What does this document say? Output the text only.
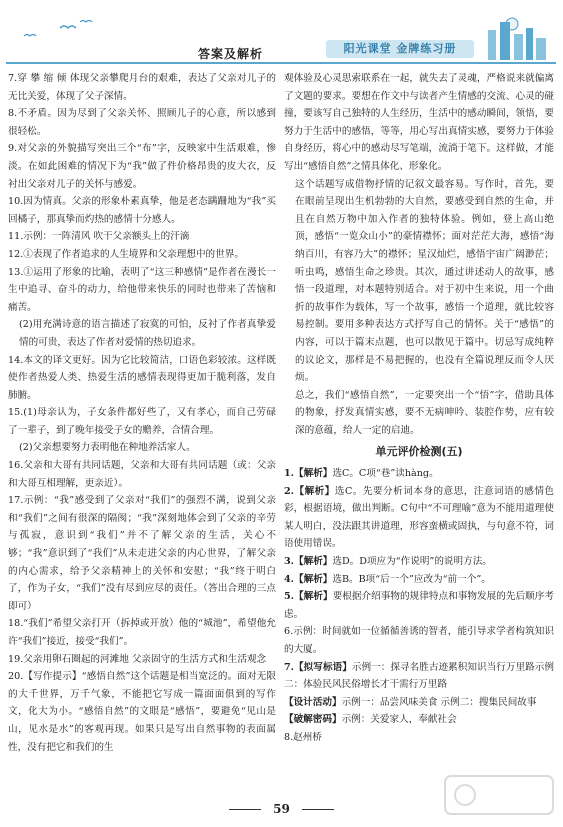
答案及解析	阳光课堂 金牌练习册

7.穿 攀 缩 倾 体现父亲攀爬月台的艰难，表达了父亲对儿子的无比关爱，体现了父子深情。

8.不矛盾。因为尽到了父亲关怀、照顾儿子的心意，所以感到很轻松。

9.对父亲的外貌描写突出三个“布”字，反映家中生活艰难，惨淡。在如此困难的情况下为“我”做了件价格昂贵的皮大衣，反衬出父亲对儿子的关怀与感爱。

10.因为情真。父亲的形象朴素真挚，他是老态蹒跚地为“我”买回橘子，那真挚而灼热的感情十分感人。

11.示例：一阵清风 吹干父亲额头上的汗滴

12.①表现了作者追求的人生境界和父亲理想中的世界。

13.①运用了形象的比喻，表明了“这三种感情”是作者在漫长一生中追寻、奋斗的动力，给他带来快乐的同时也带来了苦恼和痛苦。

(2)用充满诗意的语言描述了寂寞的可怕，反衬了作者真挚爱情的可贵，表达了作者对爱情的热切追求。

14.本文的译文更好。因为它比较简洁，口语色彩较浓。这样既使作者热爱人类、热爱生活的感情表现得更加于脆利落，发自肺腑。

15.(1)母亲认为，子女条件都好些了，又有孝心，而自己劳碌了一辈子，到了晚年接受子女的赡养，合情合理。

(2)父亲想要努力表明他在种地养活家人。

16.父亲和大哥有共同话题，父亲和大哥有共同话题（或：父亲和大哥互相理解，更亲近）。

17.示例：“我”感受到了父亲对“我们”的强烈不满，说到父亲和“我们”之间有很深的隔阂；“我”深刻地体会到了父亲的辛劳与孤寂，意识到“我们”并不了解父亲的生活，关心不够；“我”意识到了“我们”从未走进父亲的内心世界，了解父亲的内心需求，给予父亲精神上的关怀和安慰；“我”终于明白了，作为子女，“我们”没有尽到应尽的责任。（答出合理的三点即可）

18.“我们”希望父亲打开（拆掉或开放）他的“城池”，希望他允许“我们”接近，接受“我们”。

19.父亲用卵石圈起的河滩地 父亲固守的生活方式和生活观念

20.【写作提示】“感悟自然”这个话题是相当宽泛的。面对无限的大千世界，万千气象，不能把它写成一篇面面俱到的写作文，化大为小。“感悟自然”的文眼是“感悟”，要避免“见山是山，见水是水”的客观再现。如果只是写出自然事物的表面属性，没有把它和我们的生

观体验及心灵思索联系在一起，就失去了灵魂，严格说来就偏离了文题的要求。要想在作文中与读者产生情感的交流、心灵的碰撞，要该写自己独特的人生经历，生活中的感动瞬间，领悟，要努力于生活中的感悟，等等，用心写出真情实感，要努力于体验自身经历，将心中的感动尽写笔端，流淌于笔下。这样做，才能写出“感悟自然”之情具体化、形象化。

这个话题写成借物抒情的记叙文最容易。写作时，首先，要在眼前呈现出生机勃勃的大自然，要感受到自然的生命，并且在自然万物中加入作者的独特体验。例如，登上高山绝顶，感悟“一览众山小”的豪情襟怀；面对茫茫大海，感悟“海纳百川，有容乃大”的襟怀；星汉灿烂，感悟宇宙广阔渺茫；听虫鸣，感悟生命之珍贵。其次，通过讲述动人的故事，感悟一段道理，对本题特别适合。对于初中生来说，用一个曲折的故事作为载体，写一个故事，感悟一个道理，就比较容易控制。要用多种表达方式抒写自己的情怀。关于“感悟”的内容，可以于篇末点题，也可以散见于篇中。切忌写成纯粹的议论文，那样是不易把握的，也没有全篇说理反而令人厌烦。

总之，我们“感悟自然”，一定要突出一个“悟”字，借助具体的物象，抒发真情实感，要不无病呻吟、装腔作势，应有较深的意蕴，给人一定的启迪。

单元评价检测(五)

1.【解析】选C。C项“巷”读hàng。

2.【解析】选C。先要分析词本身的意思，注意词语的感情色彩，根据语境，做出判断。C句中“不可理喻”意为不能用道理使某人明白，没法跟其讲道理，形容蛮横或固执，与句意不符，词语使用错误。

3.【解析】选D。D项应为“作说明”的说明方法。

4.【解析】选B。B项“后一个”应改为“前一个”。

5.【解析】要根据介绍事物的规律特点和事物发展的先后顺序考虑。

6.示例：时间就如一位循循善诱的智者，能引导求学者构筑知识的大厦。

7.【拟写标语】示例一：探寻名胜古迹累积知识当行万里路示例二：体验民风民俗增长才干需行万里路

【设计活动】示例一：品尝风味美食 示例二：搜集民间故事

【破解密码】示例：关爱家人，奉献社会

8.赵州桥

59
